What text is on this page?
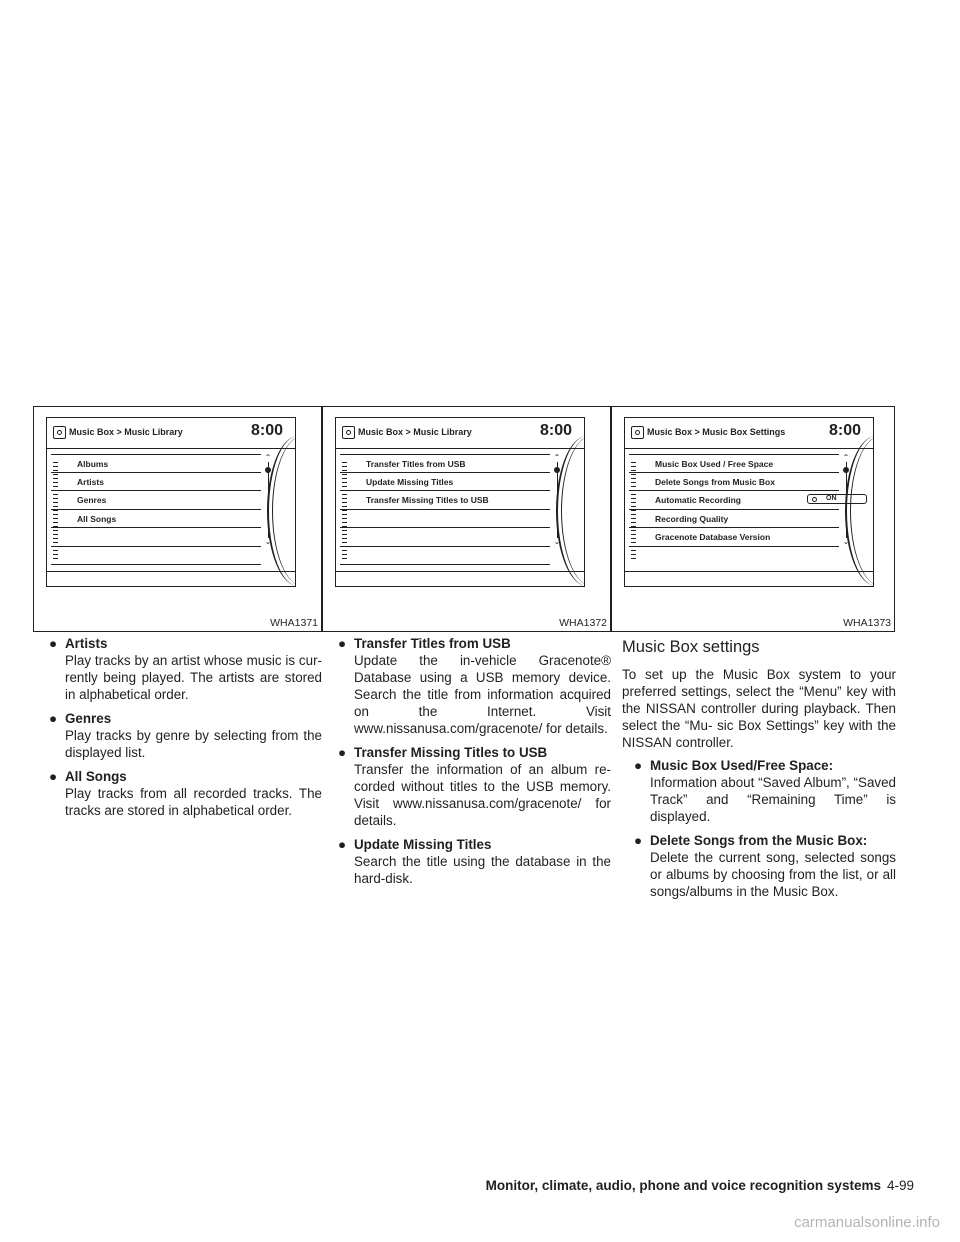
Music Box > Music Library	8:00
Albums
Artists
Genres
All Songs
⌃
⌄
WHA1371
Music Box > Music Library	8:00
Transfer Titles from USB
Update Missing Titles
Transfer Missing Titles to USB
⌃
⌄
WHA1372
Music Box > Music Box Settings	8:00
Music Box Used / Free Space
Delete Songs from Music Box
Automatic Recording	ON
Recording Quality
Gracenote Database Version
⌃
⌄
WHA1373
● Artists
Play tracks by an artist whose music is cur- rently being played. The artists are stored in alphabetical order.
● Genres
Play tracks by genre by selecting from the displayed list.
● All Songs
Play tracks from all recorded tracks. The tracks are stored in alphabetical order.
● Transfer Titles from USB
Update the in-vehicle Gracenote® Database using a USB memory device. Search the title from information acquired on the Internet. Visit www.nissanusa.com/gracenote/ for details.
● Transfer Missing Titles to USB
Transfer the information of an album re- corded without titles to the USB memory. Visit www.nissanusa.com/gracenote/ for details.
● Update Missing Titles
Search the title using the database in the hard-disk.
Music Box settings

To set up the Music Box system to your preferred settings, select the “Menu” key with the NISSAN controller during playback. Then select the “Mu- sic Box Settings” key with the NISSAN controller.

● Music Box Used/Free Space:
Information about “Saved Album”, “Saved Track” and “Remaining Time” is displayed.
● Delete Songs from the Music Box:
Delete the current song, selected songs or albums by choosing from the list, or all songs/albums in the Music Box.
Monitor, climate, audio, phone and voice recognition systems 4-99
carmanualsonline.info
